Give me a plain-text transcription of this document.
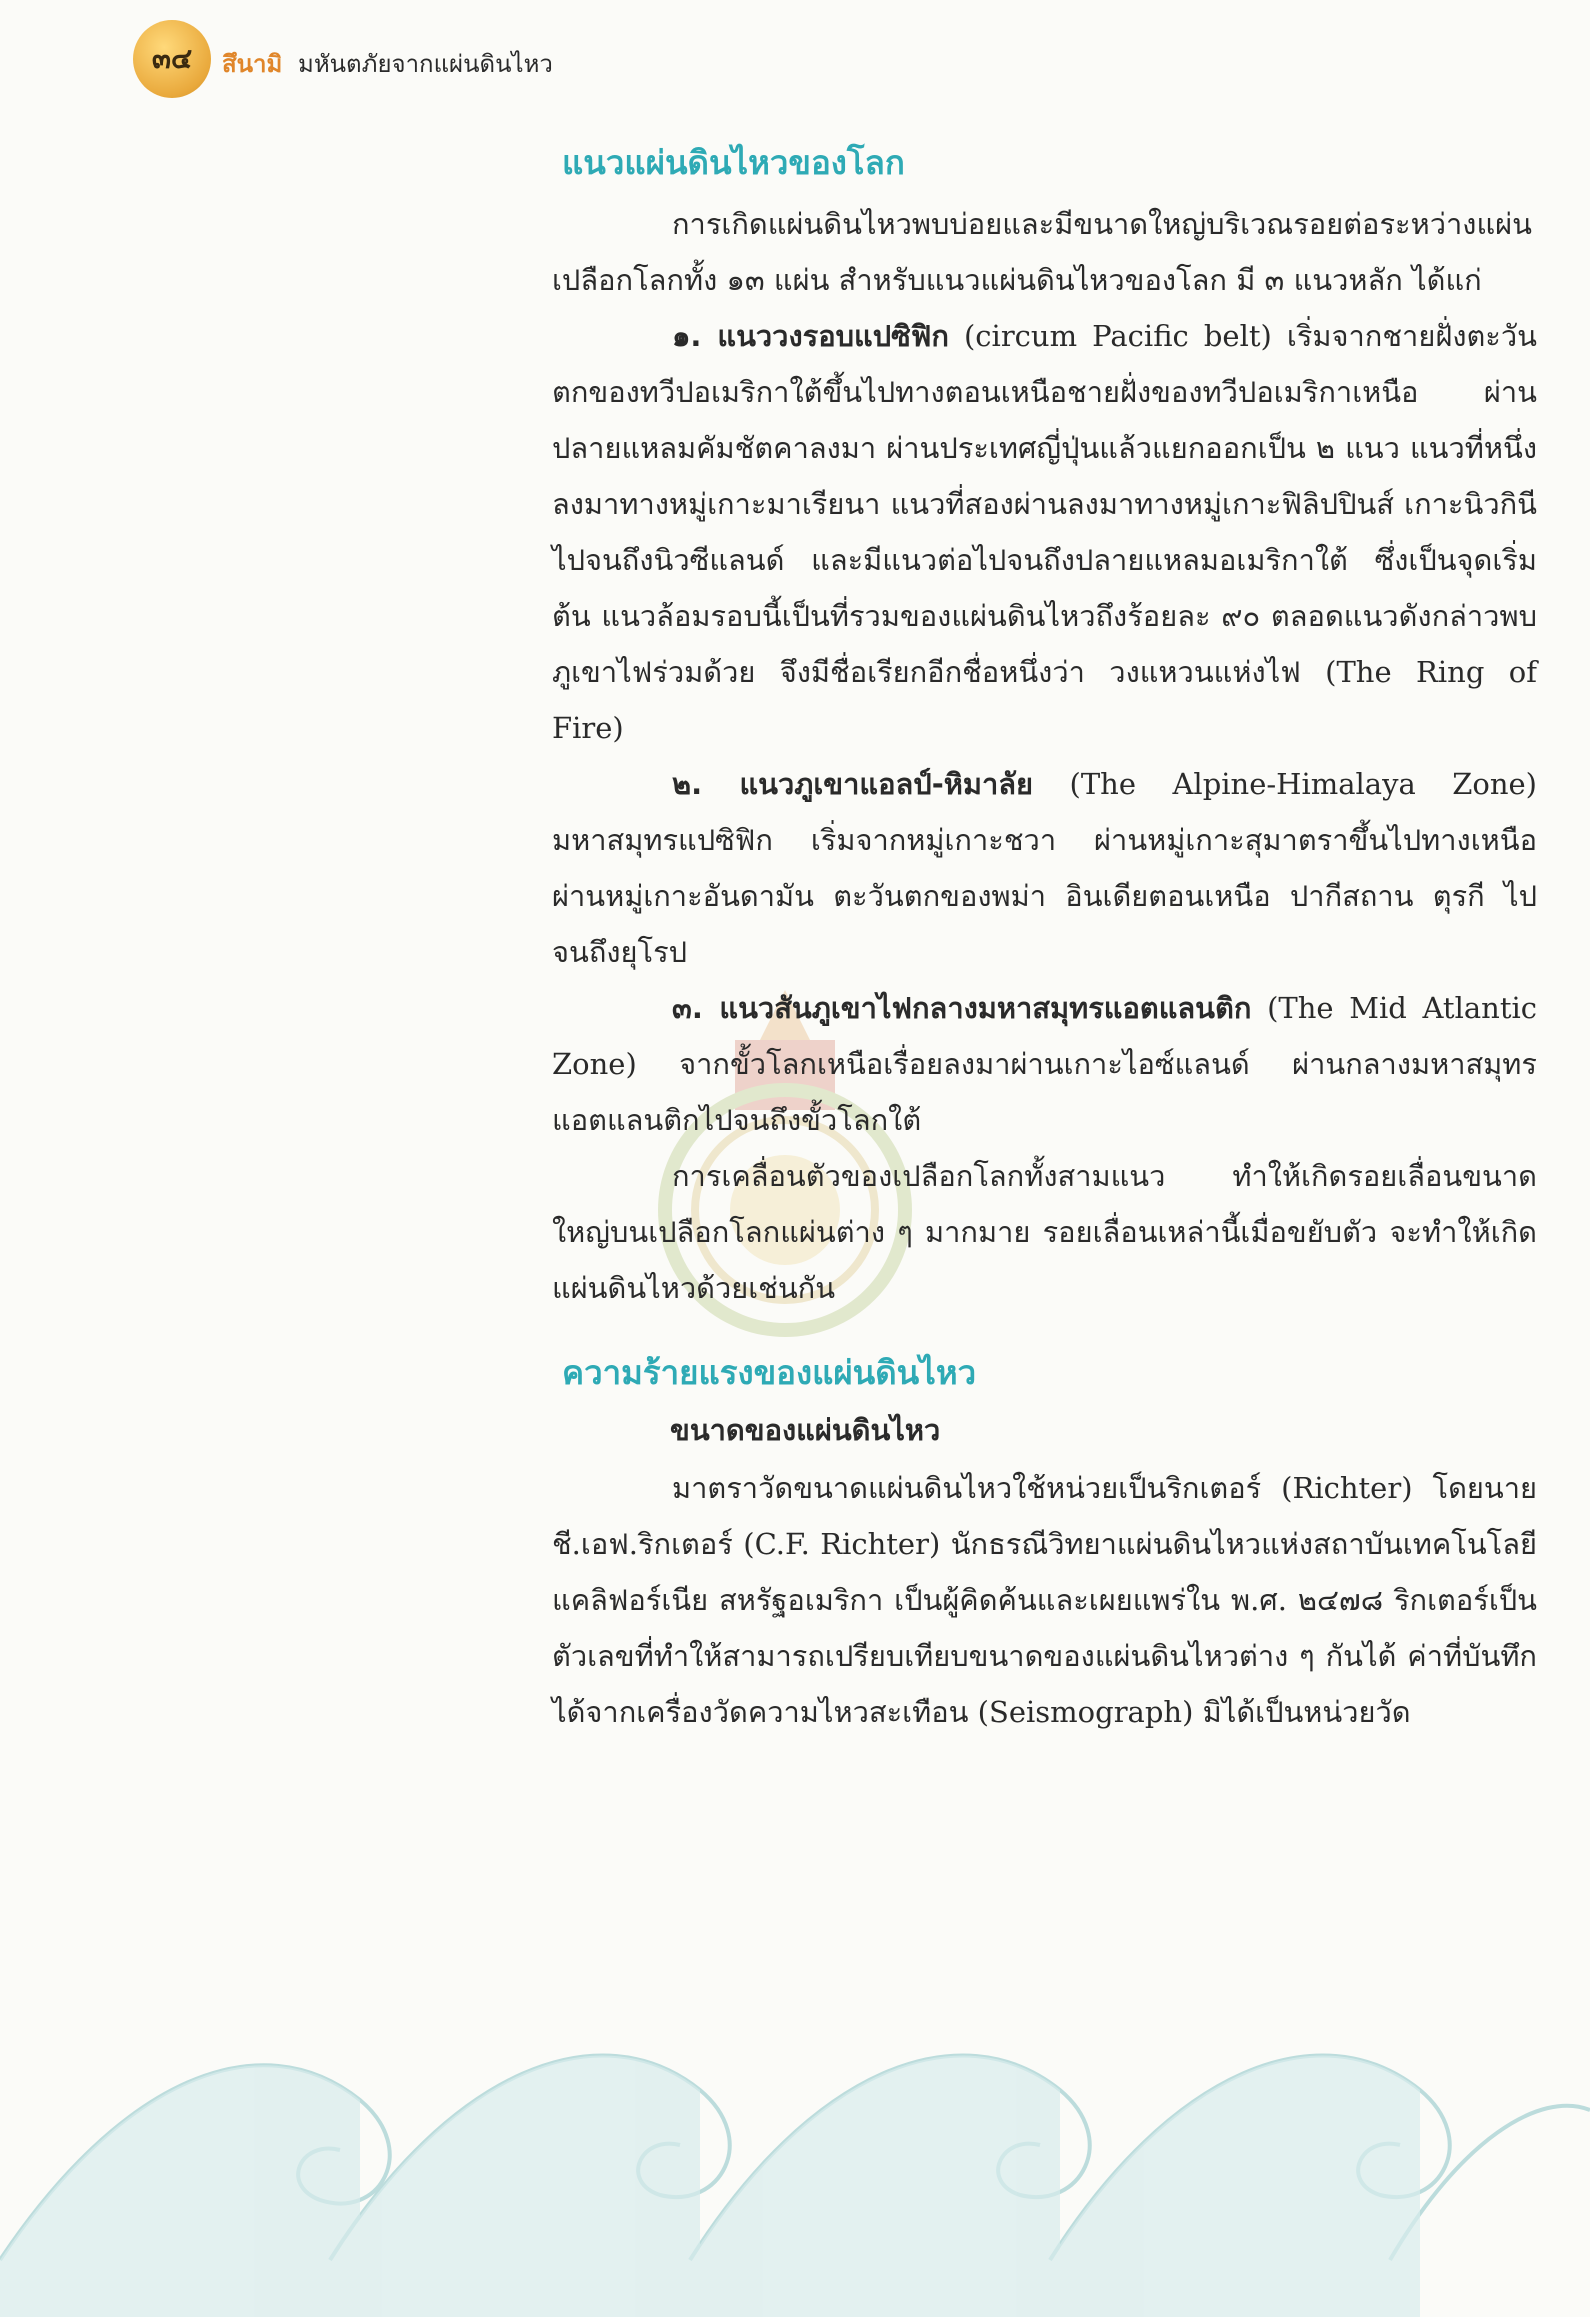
๓๔ สึนามิ มหันตภัยจากแผ่นดินไหว
แนวแผ่นดินไหวของโลก

การเกิดแผ่นดินไหวพบบ่อยและมีขนาดใหญ่บริเวณรอยต่อระหว่างแผ่นเปลือกโลกทั้ง ๑๓ แผ่น สำหรับแนวแผ่นดินไหวของโลก มี ๓ แนวหลัก ได้แก่

๑. แนววงรอบแปซิฟิก (circum Pacific belt) เริ่มจากชายฝั่งตะวันตกของทวีปอเมริกาใต้ขึ้นไปทางตอนเหนือชายฝั่งของทวีปอเมริกาเหนือ ผ่านปลายแหลมคัมชัตคาลงมา ผ่านประเทศญี่ปุ่นแล้วแยกออกเป็น ๒ แนว แนวที่หนึ่งลงมาทางหมู่เกาะมาเรียนา แนวที่สองผ่านลงมาทางหมู่เกาะฟิลิปปินส์ เกาะนิวกินี ไปจนถึงนิวซีแลนด์ และมีแนวต่อไปจนถึงปลายแหลมอเมริกาใต้ ซึ่งเป็นจุดเริ่มต้น แนวล้อมรอบนี้เป็นที่รวมของแผ่นดินไหวถึงร้อยละ ๙๐ ตลอดแนวดังกล่าวพบภูเขาไฟร่วมด้วย จึงมีชื่อเรียกอีกชื่อหนึ่งว่า วงแหวนแห่งไฟ (The Ring of Fire)

๒. แนวภูเขาแอลป์-หิมาลัย (The Alpine-Himalaya Zone) มหาสมุทรแปซิฟิก เริ่มจากหมู่เกาะชวา ผ่านหมู่เกาะสุมาตราขึ้นไปทางเหนือ ผ่านหมู่เกาะอันดามัน ตะวันตกของพม่า อินเดียตอนเหนือ ปากีสถาน ตุรกี ไปจนถึงยุโรป

๓. แนวสันภูเขาไฟกลางมหาสมุทรแอตแลนติก (The Mid Atlantic Zone) จากขั้วโลกเหนือเรื่อยลงมาผ่านเกาะไอซ์แลนด์ ผ่านกลางมหาสมุทรแอตแลนติกไปจนถึงขั้วโลกใต้

การเคลื่อนตัวของเปลือกโลกทั้งสามแนว ทำให้เกิดรอยเลื่อนขนาดใหญ่บนเปลือกโลกแผ่นต่าง ๆ มากมาย รอยเลื่อนเหล่านี้เมื่อขยับตัว จะทำให้เกิดแผ่นดินไหวด้วยเช่นกัน

ความร้ายแรงของแผ่นดินไหว
ขนาดของแผ่นดินไหว

มาตราวัดขนาดแผ่นดินไหวใช้หน่วยเป็นริกเตอร์ (Richter) โดยนายชี.เอฟ.ริกเตอร์ (C.F. Richter) นักธรณีวิทยาแผ่นดินไหวแห่งสถาบันเทคโนโลยีแคลิฟอร์เนีย สหรัฐอเมริกา เป็นผู้คิดค้นและเผยแพร่ใน พ.ศ. ๒๔๗๘ ริกเตอร์เป็นตัวเลขที่ทำให้สามารถเปรียบเทียบขนาดของแผ่นดินไหวต่าง ๆ กันได้ ค่าที่บันทึกได้จากเครื่องวัดความไหวสะเทือน (Seismograph) มิได้เป็นหน่วยวัด
